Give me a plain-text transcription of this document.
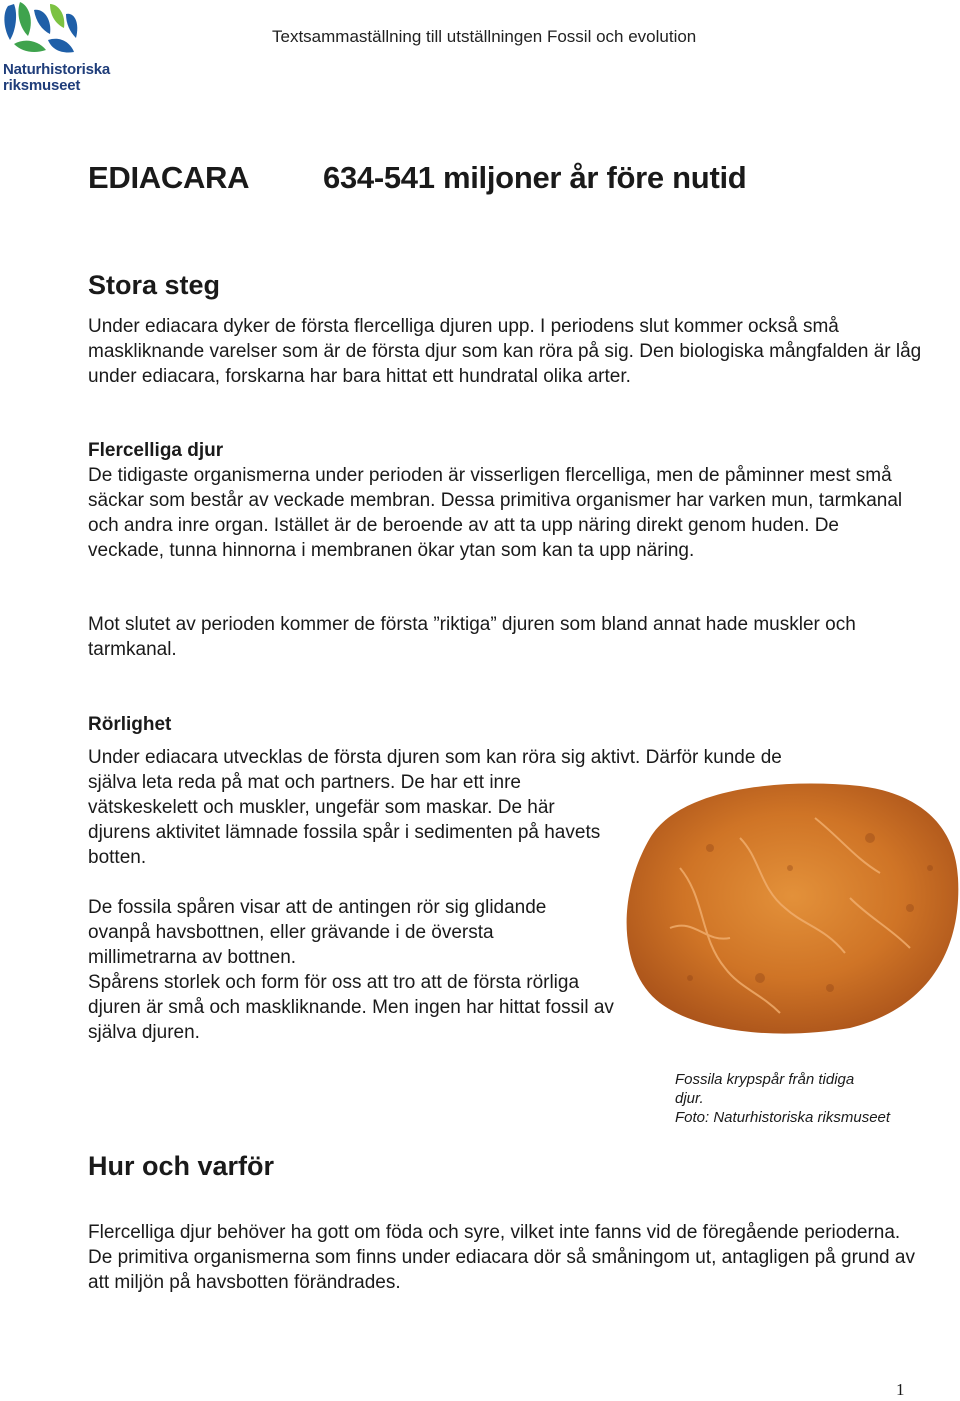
Naturhistoriska
riksmuseet
Textsammaställning till utställningen Fossil och evolution
EDIACARA 634-541 miljoner år före nutid
Stora steg

Under ediacara dyker de första flercelliga djuren upp. I periodens slut kommer också små maskliknande varelser som är de första djur som kan röra på sig. Den biologiska mångfalden är låg under ediacara, forskarna har bara hittat ett hundratal olika arter.

Flercelliga djur

De tidigaste organismerna under perioden är visserligen flercelliga, men de påminner mest små säckar som består av veckade membran. Dessa primitiva organismer har varken mun, tarmkanal och andra inre organ. Istället är de beroende av att ta upp näring direkt genom huden. De veckade, tunna hinnorna i membranen ökar ytan som kan ta upp näring.

Mot slutet av perioden kommer de första ”riktiga” djuren som bland annat hade muskler och tarmkanal.

Rörlighet

Under ediacara utvecklas de första djuren som kan röra sig aktivt. Därför kunde de

själva leta reda på mat och partners. De har ett inre vätskeskelett och muskler, ungefär som maskar. De här djurens aktivitet lämnade fossila spår i sedimenten på havets botten.

De fossila spåren visar att de antingen rör sig glidande ovanpå havsbottnen, eller grävande i de översta millimetrarna av bottnen.

Spårens storlek och form för oss att tro att de första rörliga djuren är små och maskliknande. Men ingen har hittat fossil av själva djuren.

Fossila krypspår från tidiga
djur.
Foto: Naturhistoriska riksmuseet
Hur och varför

Flercelliga djur behöver ha gott om föda och syre, vilket inte fanns vid de föregående perioderna. De primitiva organismerna som finns under ediacara dör så småningom ut, antagligen på grund av att miljön på havsbotten förändrades.

1
